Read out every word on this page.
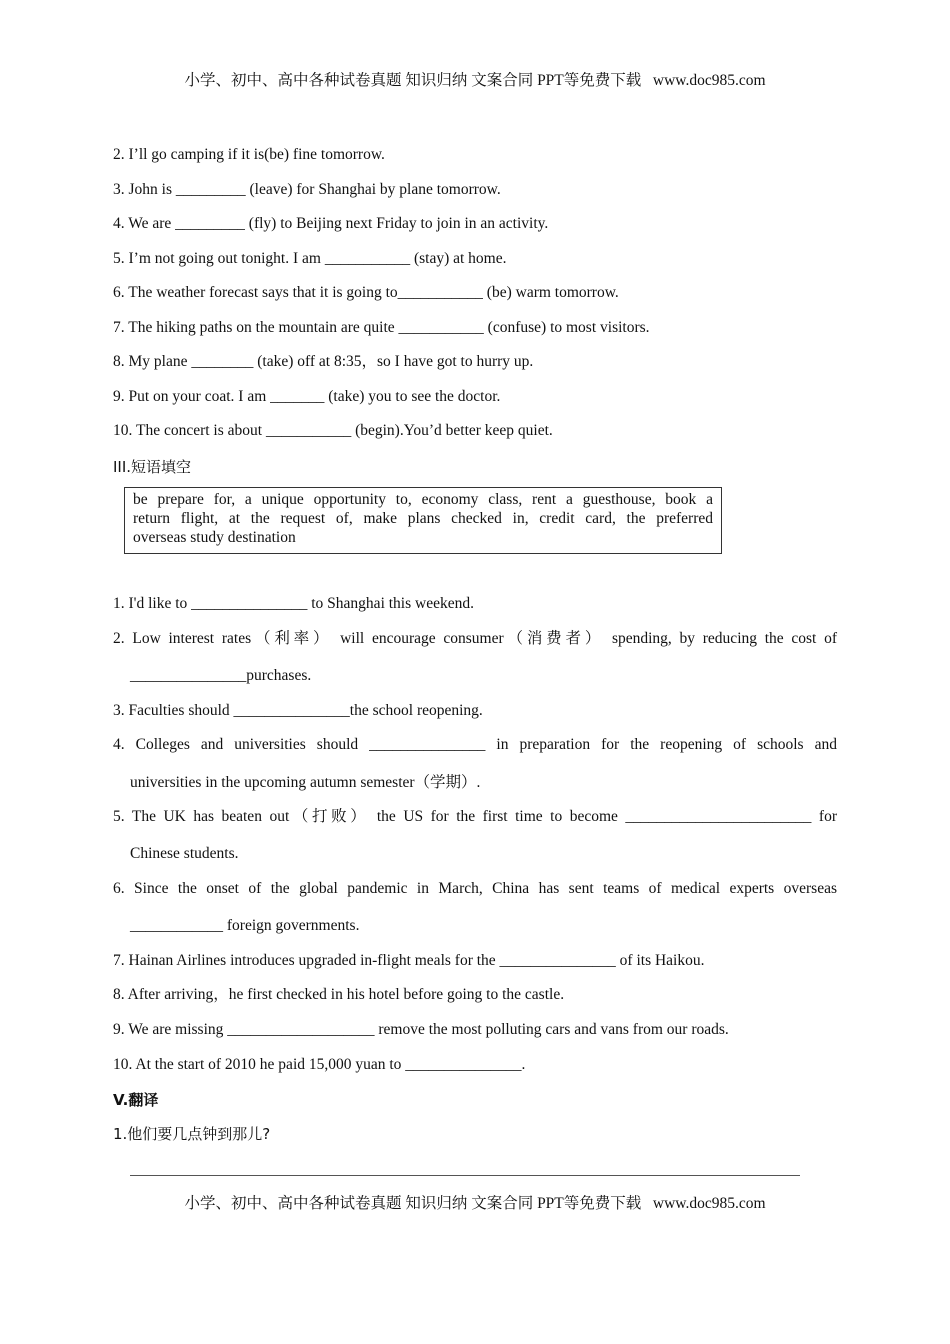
小学、初中、高中各种试卷真题 知识归纳 文案合同 PPT等免费下载   www.doc985.com
2. I’ll go camping if it is(be) fine tomorrow.
3. John is _________ (leave) for Shanghai by plane tomorrow.
4. We are _________ (fly) to Beijing next Friday to join in an activity.
5. I’m not going out tonight. I am ___________ (stay) at home.
6. The weather forecast says that it is going to___________ (be) warm tomorrow.
7. The hiking paths on the mountain are quite ___________ (confuse) to most visitors.
8. My plane ________ (take) off at 8:35，so I have got to hurry up.
9. Put on your coat. I am _______ (take) you to see the doctor.
10. The concert is about ___________ (begin).You’d better keep quiet.
III.短语填空

be prepare for, a unique opportunity to, economy class, rent a guesthouse, book a

return flight, at the request of, make plans checked in, credit card, the preferred

overseas study destination

1. I'd like to _______________ to Shanghai this weekend.
2. Low interest rates（利率） will encourage consumer（消费者） spending, by reducing the cost of
_______________purchases.
3. Faculties should _______________the school reopening.
4. Colleges and universities should _______________ in preparation for the reopening of schools and
universities in the upcoming autumn semester（学期）.
5. The UK has beaten out（打败） the US for the first time to become ________________________ for
Chinese students.
6. Since the onset of the global pandemic in March, China has sent teams of medical experts overseas
____________ foreign governments.
7. Hainan Airlines introduces upgraded in-flight meals for the _______________ of its Haikou.
8. After arriving，he first checked in his hotel before going to the castle.
9. We are missing ___________________ remove the most polluting cars and vans from our roads.
10. At the start of 2010 he paid 15,000 yuan to _______________.
V.翻译
1.他们要几点钟到那儿?
小学、初中、高中各种试卷真题 知识归纳 文案合同 PPT等免费下载   www.doc985.com
